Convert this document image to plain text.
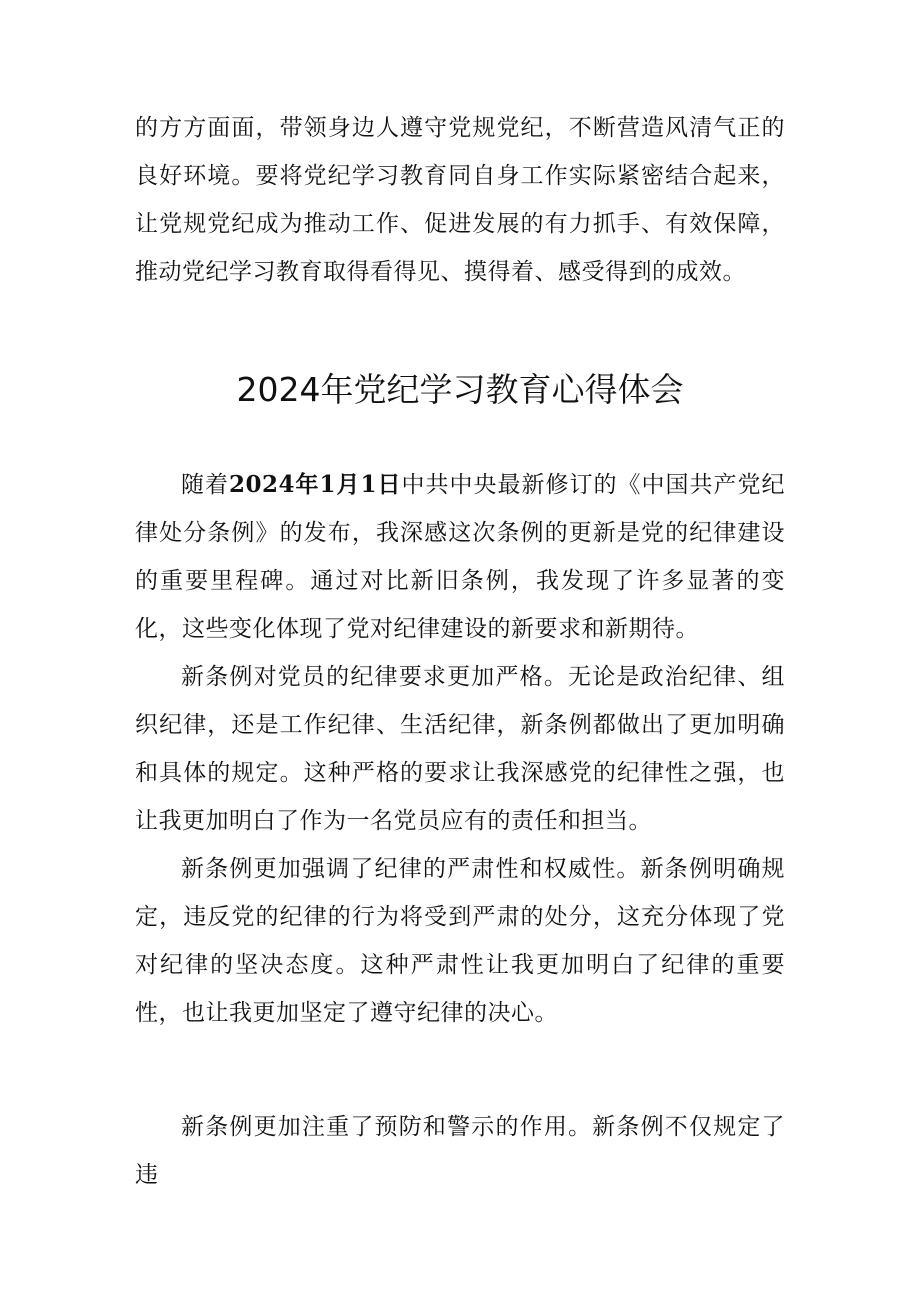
的方方面面，带领身边人遵守党规党纪，不断营造风清气正的良好环境。要将党纪学习教育同自身工作实际紧密结合起来，让党规党纪成为推动工作、促进发展的有力抓手、有效保障，推动党纪学习教育取得看得见、摸得着、感受得到的成效。

2024年党纪学习教育心得体会

随着2024年1月1日中共中央最新修订的《中国共产党纪律处分条例》的发布，我深感这次条例的更新是党的纪律建设的重要里程碑。通过对比新旧条例，我发现了许多显著的变化，这些变化体现了党对纪律建设的新要求和新期待。

新条例对党员的纪律要求更加严格。无论是政治纪律、组织纪律，还是工作纪律、生活纪律，新条例都做出了更加明确和具体的规定。这种严格的要求让我深感党的纪律性之强，也让我更加明白了作为一名党员应有的责任和担当。

新条例更加强调了纪律的严肃性和权威性。新条例明确规定，违反党的纪律的行为将受到严肃的处分，这充分体现了党对纪律的坚决态度。这种严肃性让我更加明白了纪律的重要性，也让我更加坚定了遵守纪律的决心。

新条例更加注重了预防和警示的作用。新条例不仅规定了违
